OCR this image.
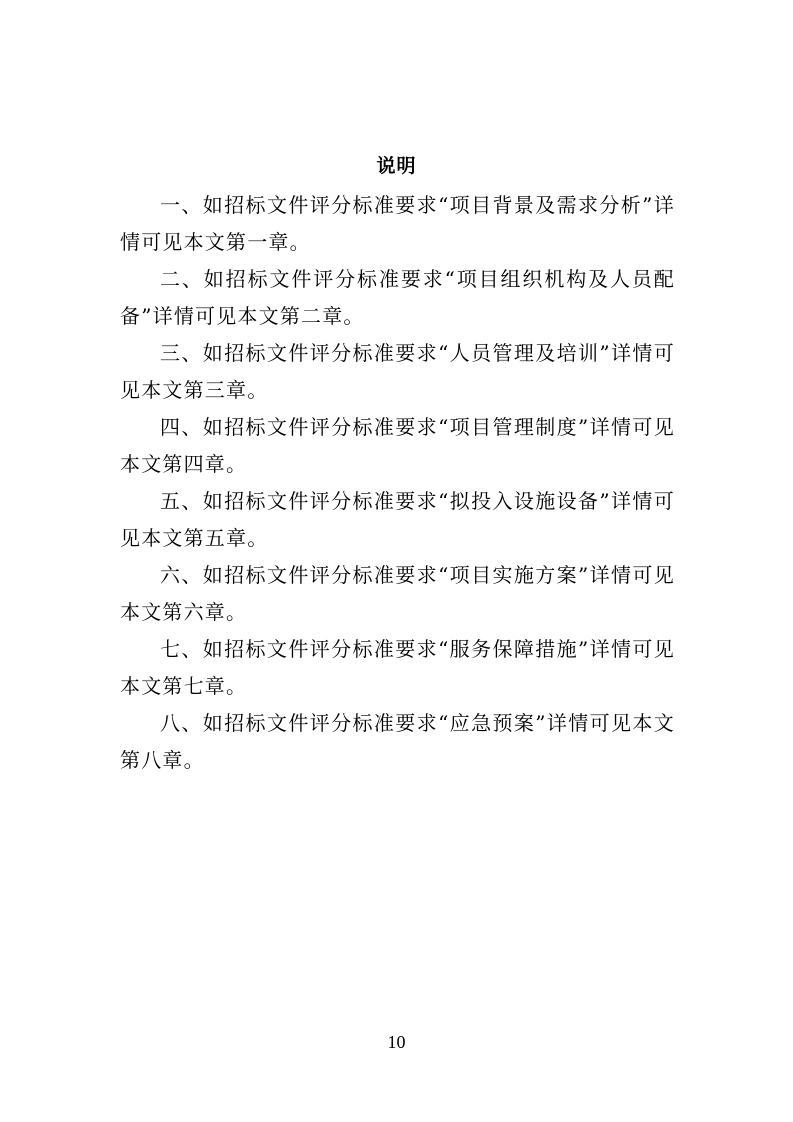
说明

一、如招标文件评分标准要求“项目背景及需求分析”详情可见本文第一章。

二、如招标文件评分标准要求“项目组织机构及人员配备”详情可见本文第二章。

三、如招标文件评分标准要求“人员管理及培训”详情可见本文第三章。

四、如招标文件评分标准要求“项目管理制度”详情可见本文第四章。

五、如招标文件评分标准要求“拟投入设施设备”详情可见本文第五章。

六、如招标文件评分标准要求“项目实施方案”详情可见本文第六章。

七、如招标文件评分标准要求“服务保障措施”详情可见本文第七章。

八、如招标文件评分标准要求“应急预案”详情可见本文第八章。

10
